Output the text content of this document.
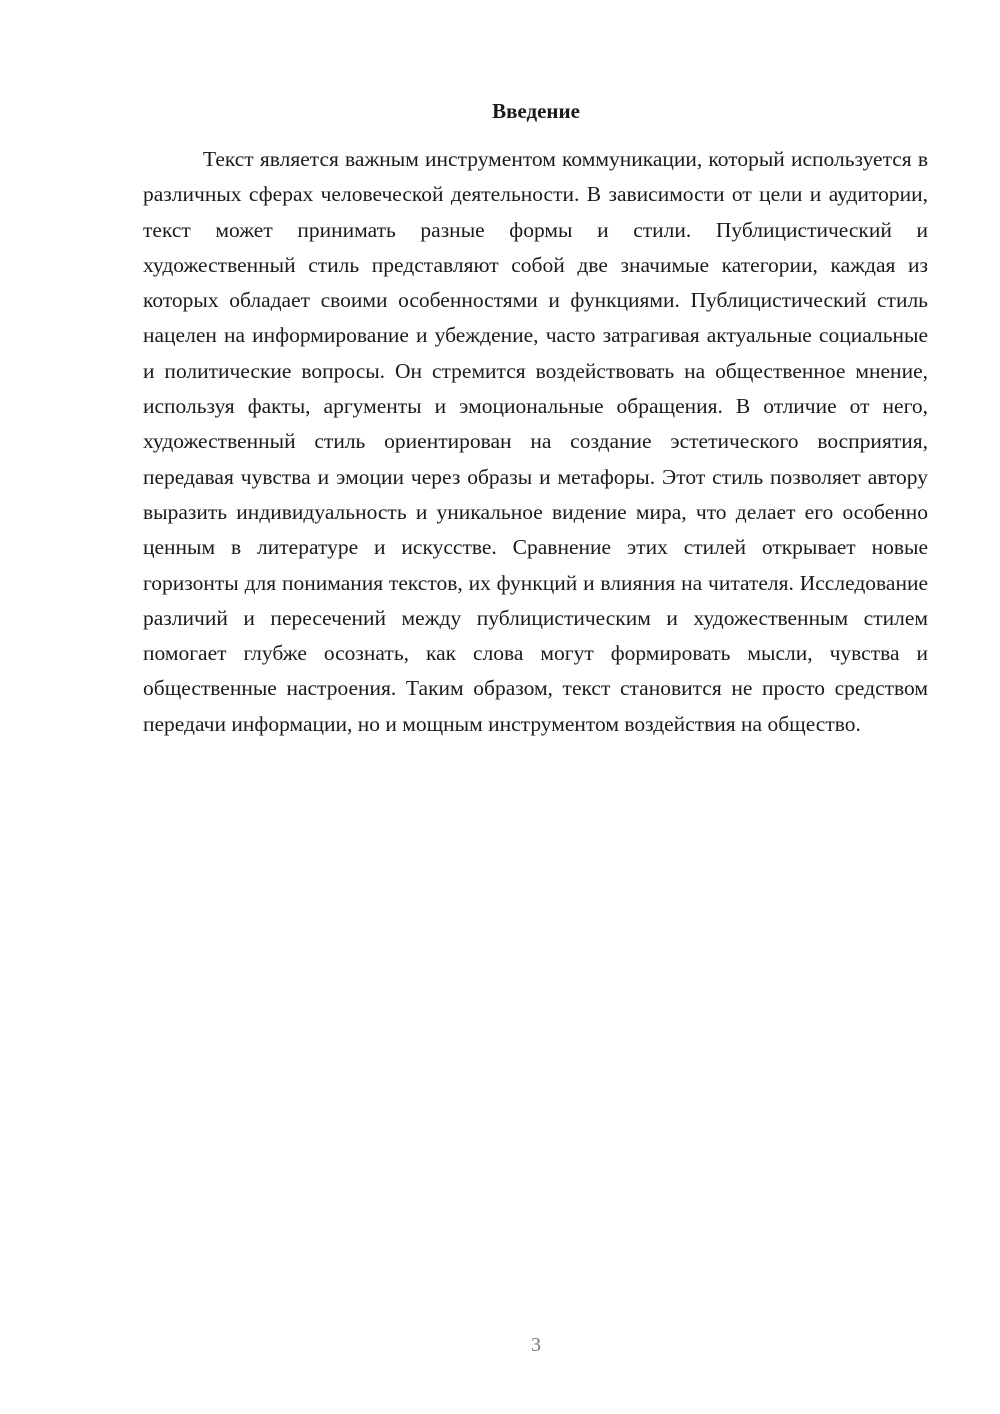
Введение

Текст является важным инструментом коммуникации, который используется в различных сферах человеческой деятельности. В зависимости от цели и аудитории, текст может принимать разные формы и стили. Публицистический и художественный стиль представляют собой две значимые категории, каждая из которых обладает своими особенностями и функциями. Публицистический стиль нацелен на информирование и убеждение, часто затрагивая актуальные социальные и политические вопросы. Он стремится воздействовать на общественное мнение, используя факты, аргументы и эмоциональные обращения. В отличие от него, художественный стиль ориентирован на создание эстетического восприятия, передавая чувства и эмоции через образы и метафоры. Этот стиль позволяет автору выразить индивидуальность и уникальное видение мира, что делает его особенно ценным в литературе и искусстве. Сравнение этих стилей открывает новые горизонты для понимания текстов, их функций и влияния на читателя. Исследование различий и пересечений между публицистическим и художественным стилем помогает глубже осознать, как слова могут формировать мысли, чувства и общественные настроения. Таким образом, текст становится не просто средством передачи информации, но и мощным инструментом воздействия на общество.

3
